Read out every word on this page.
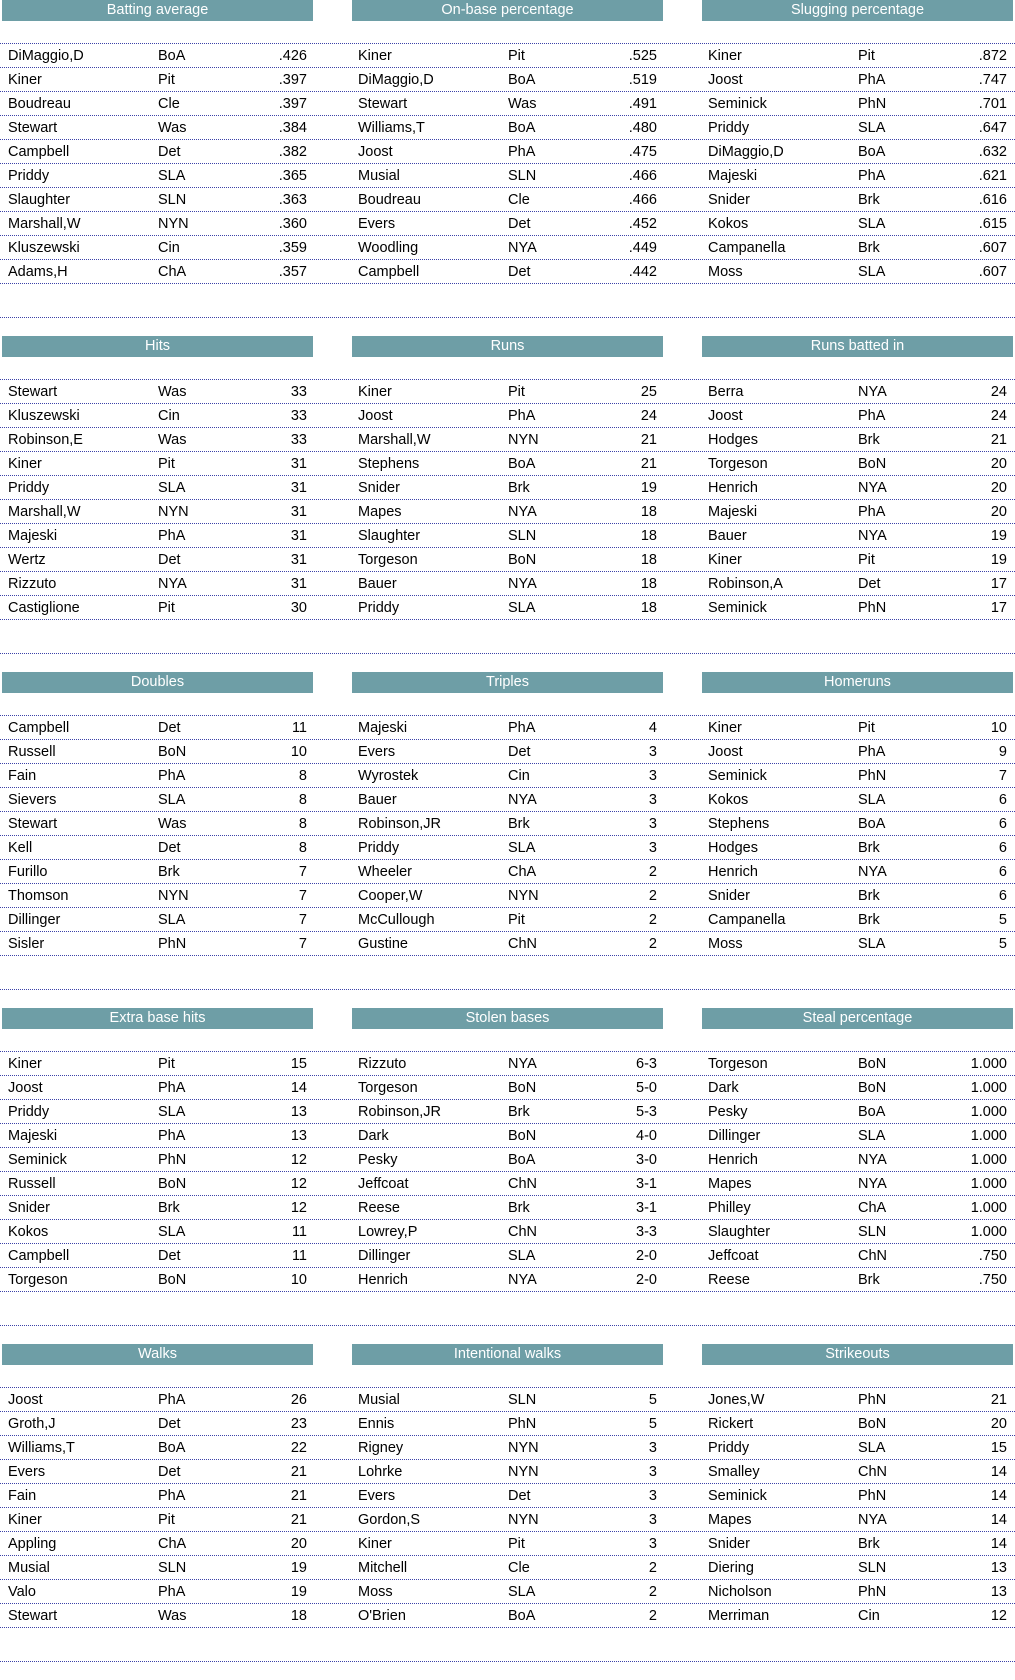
Batting average
DiMaggio,D	BoA	.426
Kiner	Pit	.397
Boudreau	Cle	.397
Stewart	Was	.384
Campbell	Det	.382
Priddy	SLA	.365
Slaughter	SLN	.363
Marshall,W	NYN	.360
Kluszewski	Cin	.359
Adams,H	ChA	.357
On-base percentage
Kiner	Pit	.525
DiMaggio,D	BoA	.519
Stewart	Was	.491
Williams,T	BoA	.480
Joost	PhA	.475
Musial	SLN	.466
Boudreau	Cle	.466
Evers	Det	.452
Woodling	NYA	.449
Campbell	Det	.442
Slugging percentage
Kiner	Pit	.872
Joost	PhA	.747
Seminick	PhN	.701
Priddy	SLA	.647
DiMaggio,D	BoA	.632
Majeski	PhA	.621
Snider	Brk	.616
Kokos	SLA	.615
Campanella	Brk	.607
Moss	SLA	.607
Hits
Stewart	Was	33
Kluszewski	Cin	33
Robinson,E	Was	33
Kiner	Pit	31
Priddy	SLA	31
Marshall,W	NYN	31
Majeski	PhA	31
Wertz	Det	31
Rizzuto	NYA	31
Castiglione	Pit	30
Runs
Kiner	Pit	25
Joost	PhA	24
Marshall,W	NYN	21
Stephens	BoA	21
Snider	Brk	19
Mapes	NYA	18
Slaughter	SLN	18
Torgeson	BoN	18
Bauer	NYA	18
Priddy	SLA	18
Runs batted in
Berra	NYA	24
Joost	PhA	24
Hodges	Brk	21
Torgeson	BoN	20
Henrich	NYA	20
Majeski	PhA	20
Bauer	NYA	19
Kiner	Pit	19
Robinson,A	Det	17
Seminick	PhN	17
Doubles
Campbell	Det	11
Russell	BoN	10
Fain	PhA	8
Sievers	SLA	8
Stewart	Was	8
Kell	Det	8
Furillo	Brk	7
Thomson	NYN	7
Dillinger	SLA	7
Sisler	PhN	7
Triples
Majeski	PhA	4
Evers	Det	3
Wyrostek	Cin	3
Bauer	NYA	3
Robinson,JR	Brk	3
Priddy	SLA	3
Wheeler	ChA	2
Cooper,W	NYN	2
McCullough	Pit	2
Gustine	ChN	2
Homeruns
Kiner	Pit	10
Joost	PhA	9
Seminick	PhN	7
Kokos	SLA	6
Stephens	BoA	6
Hodges	Brk	6
Henrich	NYA	6
Snider	Brk	6
Campanella	Brk	5
Moss	SLA	5
Extra base hits
Kiner	Pit	15
Joost	PhA	14
Priddy	SLA	13
Majeski	PhA	13
Seminick	PhN	12
Russell	BoN	12
Snider	Brk	12
Kokos	SLA	11
Campbell	Det	11
Torgeson	BoN	10
Stolen bases
Rizzuto	NYA	6-3
Torgeson	BoN	5-0
Robinson,JR	Brk	5-3
Dark	BoN	4-0
Pesky	BoA	3-0
Jeffcoat	ChN	3-1
Reese	Brk	3-1
Lowrey,P	ChN	3-3
Dillinger	SLA	2-0
Henrich	NYA	2-0
Steal percentage
Torgeson	BoN	1.000
Dark	BoN	1.000
Pesky	BoA	1.000
Dillinger	SLA	1.000
Henrich	NYA	1.000
Mapes	NYA	1.000
Philley	ChA	1.000
Slaughter	SLN	1.000
Jeffcoat	ChN	.750
Reese	Brk	.750
Walks
Joost	PhA	26
Groth,J	Det	23
Williams,T	BoA	22
Evers	Det	21
Fain	PhA	21
Kiner	Pit	21
Appling	ChA	20
Musial	SLN	19
Valo	PhA	19
Stewart	Was	18
Intentional walks
Musial	SLN	5
Ennis	PhN	5
Rigney	NYN	3
Lohrke	NYN	3
Evers	Det	3
Gordon,S	NYN	3
Kiner	Pit	3
Mitchell	Cle	2
Moss	SLA	2
O'Brien	BoA	2
Strikeouts
Jones,W	PhN	21
Rickert	BoN	20
Priddy	SLA	15
Smalley	ChN	14
Seminick	PhN	14
Mapes	NYA	14
Snider	Brk	14
Diering	SLN	13
Nicholson	PhN	13
Merriman	Cin	12
